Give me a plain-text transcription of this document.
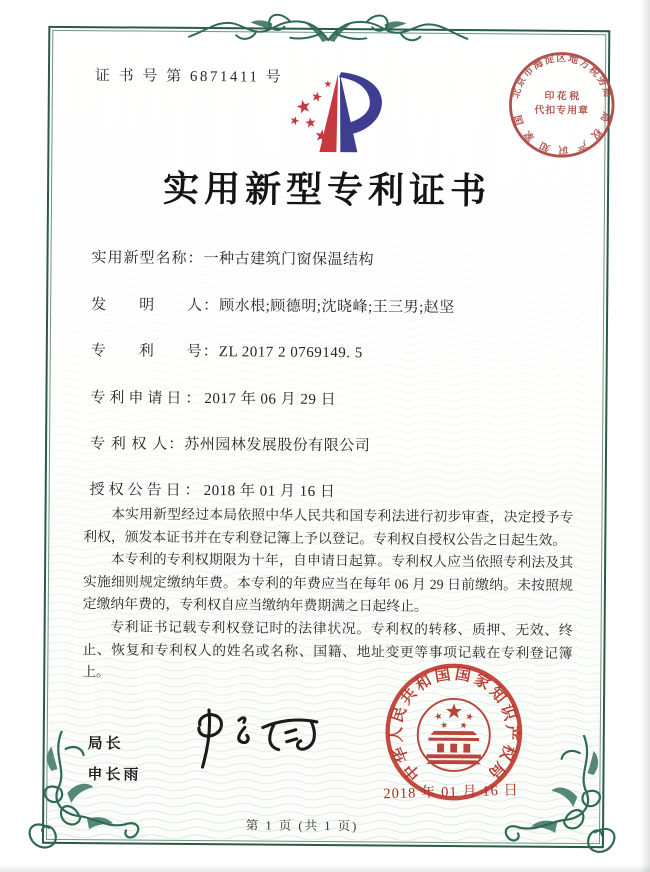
证 书 号 第 6871411 号
实用新型专利证书
实用新型名称：一种古建筑门窗保温结构
发　　明　　人：顾水根;顾德明;沈晓峰;王三男;赵坚
专　　利　　号：ZL 2017 2 0769149. 5
专利申请日：2017 年 06 月 29 日
专 利 权 人：苏州园林发展股份有限公司
授权公告日：2018 年 01 月 16 日

本实用新型经过本局依照中华人民共和国专利法进行初步审查，决定授予专利权，颁发本证书并在专利登记簿上予以登记。专利权自授权公告之日起生效。

本专利的专利权期限为十年，自申请日起算。专利权人应当依照专利法及其实施细则规定缴纳年费。本专利的年费应当在每年 06 月 29 日前缴纳。未按照规定缴纳年费的，专利权自应当缴纳年费期满之日起终止。

专利证书记载专利权登记时的法律状况。专利权的转移、质押、无效、终止、恢复和专利权人的姓名或名称、国籍、地址变更等事项记载在专利登记簿上。

局长
申长雨
北京市海淀区地方税务局
局权产识知家国
印 花 税
代扣专用章
中华人民共和国国家知识产权局
2018 年 01 月 16 日
第 1 页 (共 1 页)
